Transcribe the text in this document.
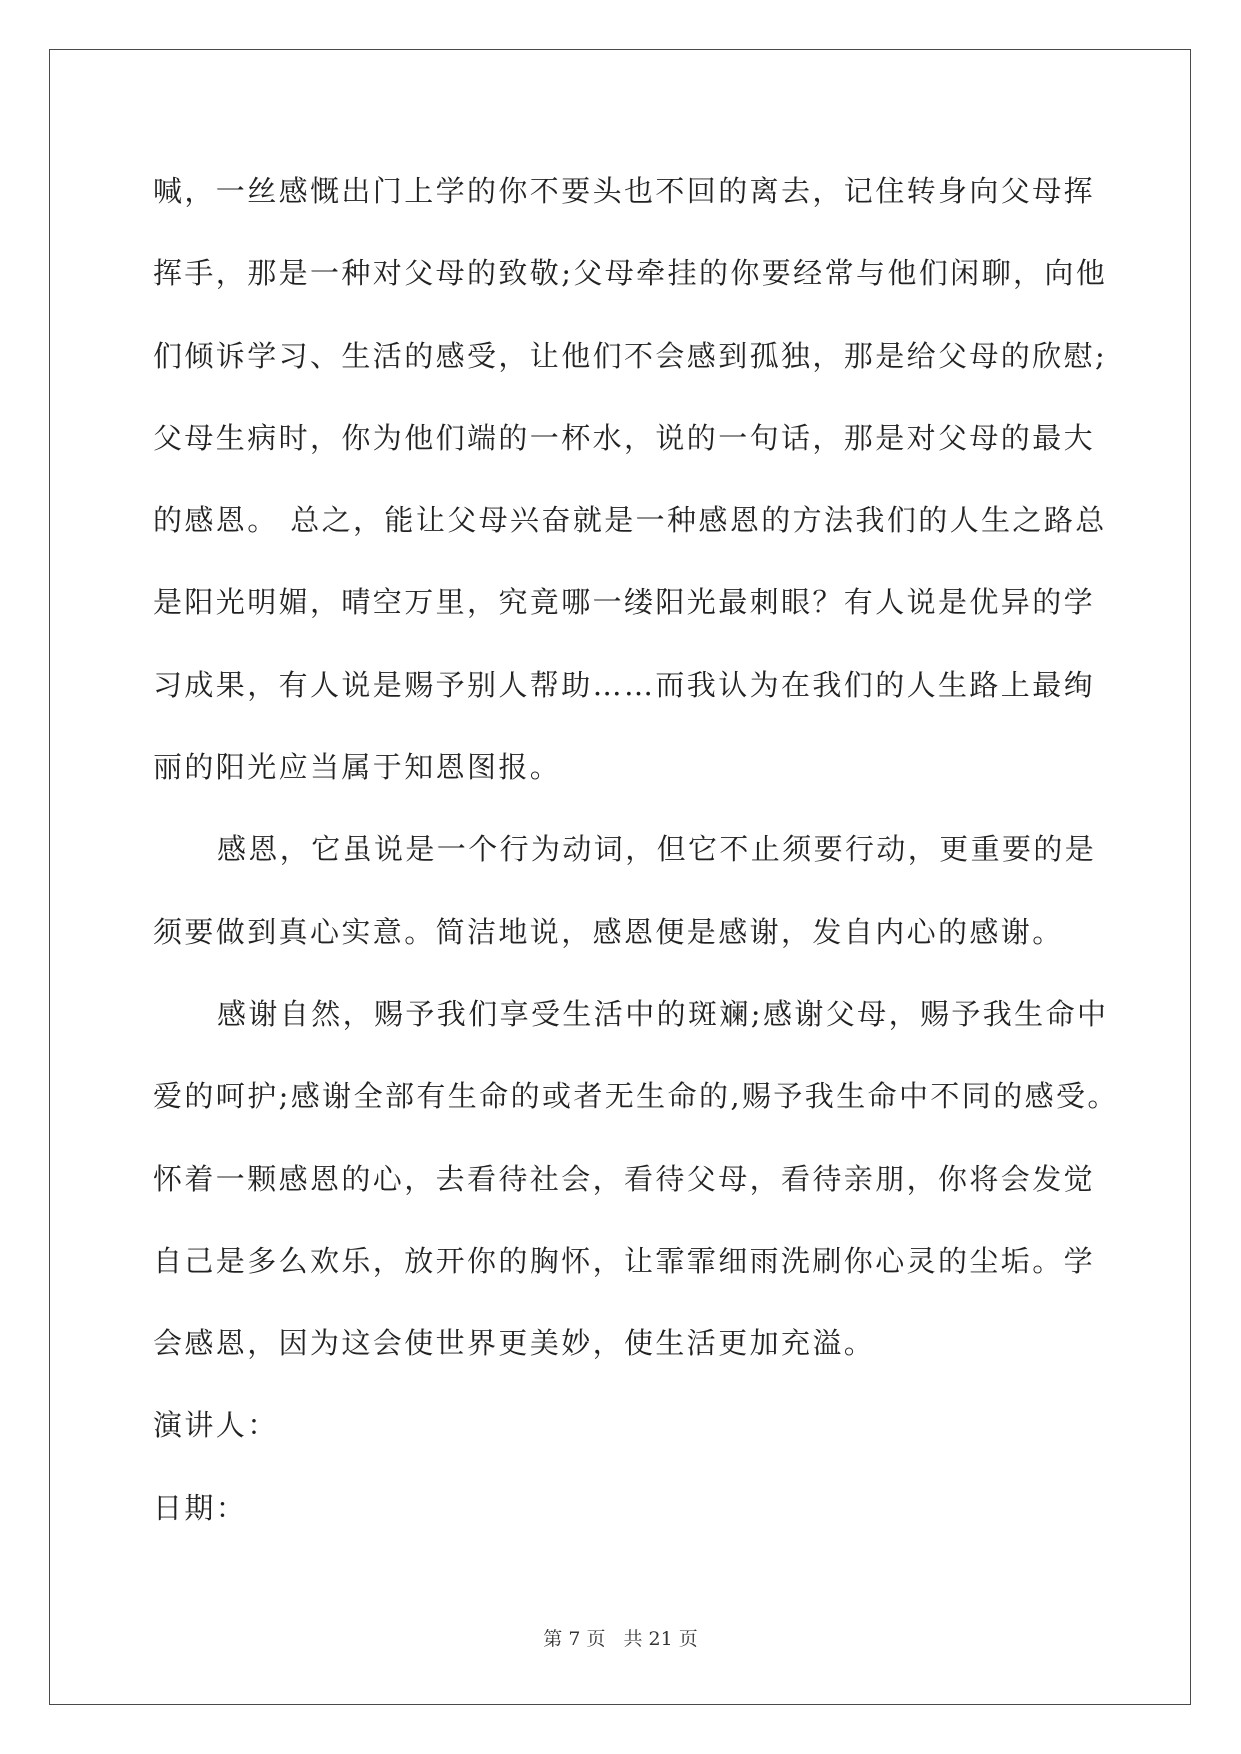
喊，一丝感慨出门上学的你不要头也不回的离去，记住转身向父母挥
挥手，那是一种对父母的致敬;父母牵挂的你要经常与他们闲聊，向他
们倾诉学习、生活的感受，让他们不会感到孤独，那是给父母的欣慰;
父母生病时，你为他们端的一杯水，说的一句话，那是对父母的最大
的感恩。 总之，能让父母兴奋就是一种感恩的方法我们的人生之路总
是阳光明媚，晴空万里，究竟哪一缕阳光最刺眼？有人说是优异的学
习成果，有人说是赐予别人帮助……而我认为在我们的人生路上最绚
丽的阳光应当属于知恩图报。
感恩，它虽说是一个行为动词，但它不止须要行动，更重要的是
须要做到真心实意。简洁地说，感恩便是感谢，发自内心的感谢。
感谢自然，赐予我们享受生活中的斑斓;感谢父母，赐予我生命中
爱的呵护;感谢全部有生命的或者无生命的,赐予我生命中不同的感受。
怀着一颗感恩的心，去看待社会，看待父母，看待亲朋，你将会发觉
自己是多么欢乐，放开你的胸怀，让霏霏细雨洗刷你心灵的尘垢。学
会感恩，因为这会使世界更美妙，使生活更加充溢。
演讲人：
日期：
第 7 页 共 21 页
